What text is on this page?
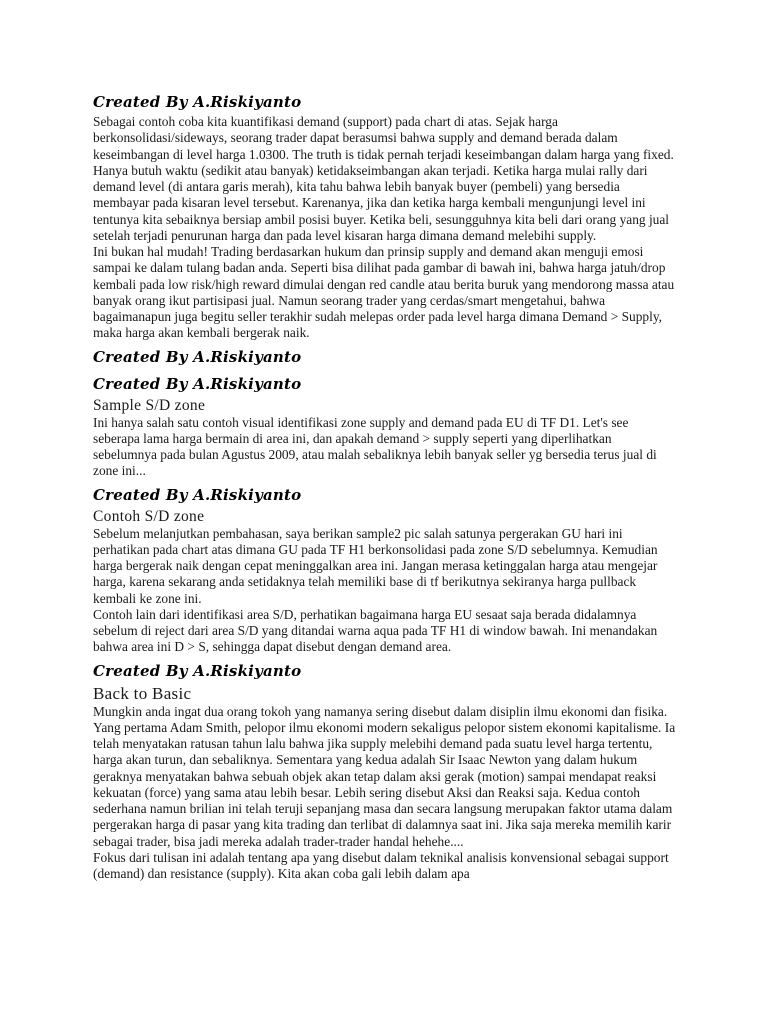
Created By A.Riskiyanto

Sebagai contoh coba kita kuantifikasi demand (support) pada chart di atas. Sejak harga berkonsolidasi/sideways, seorang trader dapat berasumsi bahwa supply and demand berada dalam keseimbangan di level harga 1.0300. The truth is tidak pernah terjadi keseimbangan dalam harga yang fixed. Hanya butuh waktu (sedikit atau banyak) ketidakseimbangan akan terjadi. Ketika harga mulai rally dari demand level (di antara garis merah), kita tahu bahwa lebih banyak buyer (pembeli) yang bersedia membayar pada kisaran level tersebut. Karenanya, jika dan ketika harga kembali mengunjungi level ini tentunya kita sebaiknya bersiap ambil posisi buyer. Ketika beli, sesungguhnya kita beli dari orang yang jual setelah terjadi penurunan harga dan pada level kisaran harga dimana demand melebihi supply.

Ini bukan hal mudah! Trading berdasarkan hukum dan prinsip supply and demand akan menguji emosi sampai ke dalam tulang badan anda. Seperti bisa dilihat pada gambar di bawah ini, bahwa harga jatuh/drop kembali pada low risk/high reward dimulai dengan red candle atau berita buruk yang mendorong massa atau banyak orang ikut partisipasi jual. Namun seorang trader yang cerdas/smart mengetahui, bahwa bagaimanapun juga begitu seller terakhir sudah melepas order pada level harga dimana Demand > Supply, maka harga akan kembali bergerak naik.

Created By A.Riskiyanto
Created By A.Riskiyanto
Sample S/D zone

Ini hanya salah satu contoh visual identifikasi zone supply and demand pada EU di TF D1. Let's see seberapa lama harga bermain di area ini, dan apakah demand > supply seperti yang diperlihatkan sebelumnya pada bulan Agustus 2009, atau malah sebaliknya lebih banyak seller yg bersedia terus jual di zone ini...

Created By A.Riskiyanto
Contoh S/D zone

Sebelum melanjutkan pembahasan, saya berikan sample2 pic salah satunya pergerakan GU hari ini

perhatikan pada chart atas dimana GU pada TF H1 berkonsolidasi pada zone S/D sebelumnya. Kemudian harga bergerak naik dengan cepat meninggalkan area ini. Jangan merasa ketinggalan harga atau mengejar harga, karena sekarang anda setidaknya telah memiliki base di tf berikutnya sekiranya harga pullback kembali ke zone ini.

Contoh lain dari identifikasi area S/D, perhatikan bagaimana harga EU sesaat saja berada didalamnya sebelum di reject dari area S/D yang ditandai warna aqua pada TF H1 di window bawah. Ini menandakan bahwa area ini D > S, sehingga dapat disebut dengan demand area.

Created By A.Riskiyanto
Back to Basic

Mungkin anda ingat dua orang tokoh yang namanya sering disebut dalam disiplin ilmu ekonomi dan fisika. Yang pertama Adam Smith, pelopor ilmu ekonomi modern sekaligus pelopor sistem ekonomi kapitalisme. Ia telah menyatakan ratusan tahun lalu bahwa jika supply melebihi demand pada suatu level harga tertentu, harga akan turun, dan sebaliknya. Sementara yang kedua adalah Sir Isaac Newton yang dalam hukum geraknya menyatakan bahwa sebuah objek akan tetap dalam aksi gerak (motion) sampai mendapat reaksi kekuatan (force) yang sama atau lebih besar. Lebih sering disebut Aksi dan Reaksi saja. Kedua contoh sederhana namun brilian ini telah teruji sepanjang masa dan secara langsung merupakan faktor utama dalam pergerakan harga di pasar yang kita trading dan terlibat di dalamnya saat ini. Jika saja mereka memilih karir sebagai trader, bisa jadi mereka adalah trader-trader handal hehehe....

Fokus dari tulisan ini adalah tentang apa yang disebut dalam teknikal analisis konvensional sebagai support (demand) dan resistance (supply). Kita akan coba gali lebih dalam apa
